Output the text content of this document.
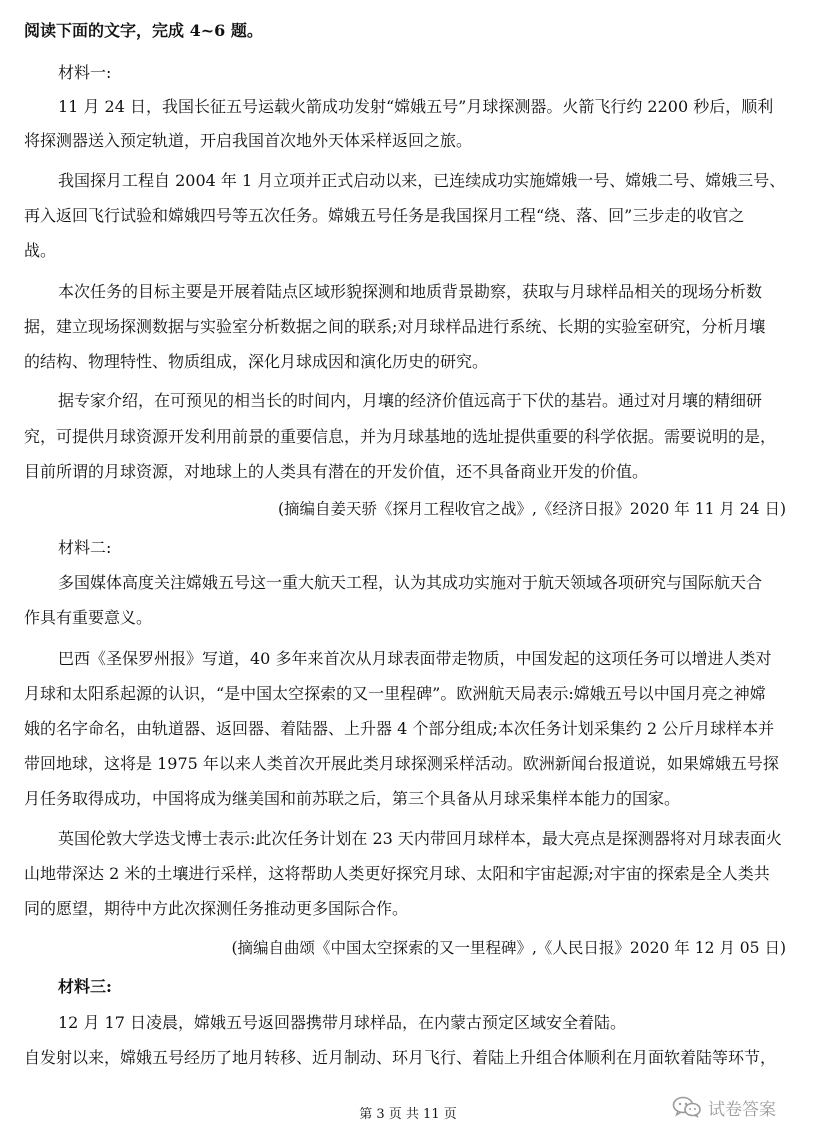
阅读下面的文字，完成 4~6 题。
材料一:
11 月 24 日，我国长征五号运载火箭成功发射“嫦娥五号”月球探测器。火箭飞行约 2200 秒后，顺利
将探测器送入预定轨道，开启我国首次地外天体采样返回之旅。
我国探月工程自 2004 年 1 月立项并正式启动以来，已连续成功实施嫦娥一号、嫦娥二号、嫦娥三号、
再入返回飞行试验和嫦娥四号等五次任务。嫦娥五号任务是我国探月工程“绕、落、回”三步走的收官之
战。
本次任务的目标主要是开展着陆点区域形貌探测和地质背景勘察，获取与月球样品相关的现场分析数
据，建立现场探测数据与实验室分析数据之间的联系;对月球样品进行系统、长期的实验室研究，分析月壤
的结构、物理特性、物质组成，深化月球成因和演化历史的研究。
据专家介绍，在可预见的相当长的时间内，月壤的经济价值远高于下伏的基岩。通过对月壤的精细研
究，可提供月球资源开发利用前景的重要信息，并为月球基地的选址提供重要的科学依据。需要说明的是，
目前所谓的月球资源，对地球上的人类具有潜在的开发价值，还不具备商业开发的价值。
(摘编自姜天骄《探月工程收官之战》,《经济日报》2020 年 11 月 24 日)
材料二:
多国媒体高度关注嫦娥五号这一重大航天工程，认为其成功实施对于航天领域各项研究与国际航天合
作具有重要意义。
巴西《圣保罗州报》写道，40 多年来首次从月球表面带走物质，中国发起的这项任务可以增进人类对
月球和太阳系起源的认识，“是中国太空探索的又一里程碑”。欧洲航天局表示:嫦娥五号以中国月亮之神嫦
娥的名字命名，由轨道器、返回器、着陆器、上升器 4 个部分组成;本次任务计划采集约 2 公斤月球样本并
带回地球，这将是 1975 年以来人类首次开展此类月球探测采样活动。欧洲新闻台报道说，如果嫦娥五号探
月任务取得成功，中国将成为继美国和前苏联之后，第三个具备从月球采集样本能力的国家。
英国伦敦大学迭戈博士表示:此次任务计划在 23 天内带回月球样本，最大亮点是探测器将对月球表面火
山地带深达 2 米的土壤进行采样，这将帮助人类更好探究月球、太阳和宇宙起源;对宇宙的探索是全人类共
同的愿望，期待中方此次探测任务推动更多国际合作。
(摘编自曲颂《中国太空探索的又一里程碑》,《人民日报》2020 年 12 月 05 日)
材料三:
12 月 17 日凌晨，嫦娥五号返回器携带月球样品，在内蒙古预定区域安全着陆。
自发射以来，嫦娥五号经历了地月转移、近月制动、环月飞行、着陆上升组合体顺利在月面软着陆等环节，
第 3 页 共 11 页	试卷答案
